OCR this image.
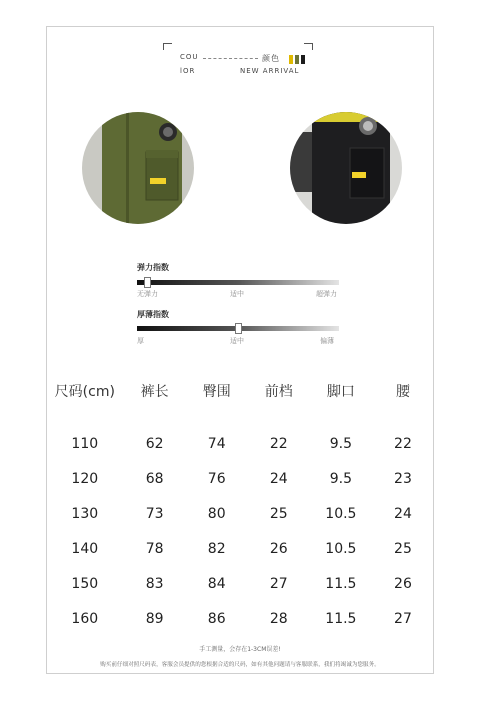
COU
lOR
颜色
NEW ARRIVAL
弹力指数
无弹力	适中	超弹力
厚薄指数
厚	适中	偏薄
尺码(cm)	裤长	臀围	前档	脚口	腰
110	62	74	22	9.5	22
120	68	76	24	9.5	23
130	73	80	25	10.5	24
140	78	82	26	10.5	25
150	83	84	27	11.5	26
160	89	86	28	11.5	27
手工测量，会存在1-3CM误差!
购买前仔细对照尺码表，客服会员提供的您根据合适的尺码，如有其他问题请与客服联系，我们将竭诚为您服务。
